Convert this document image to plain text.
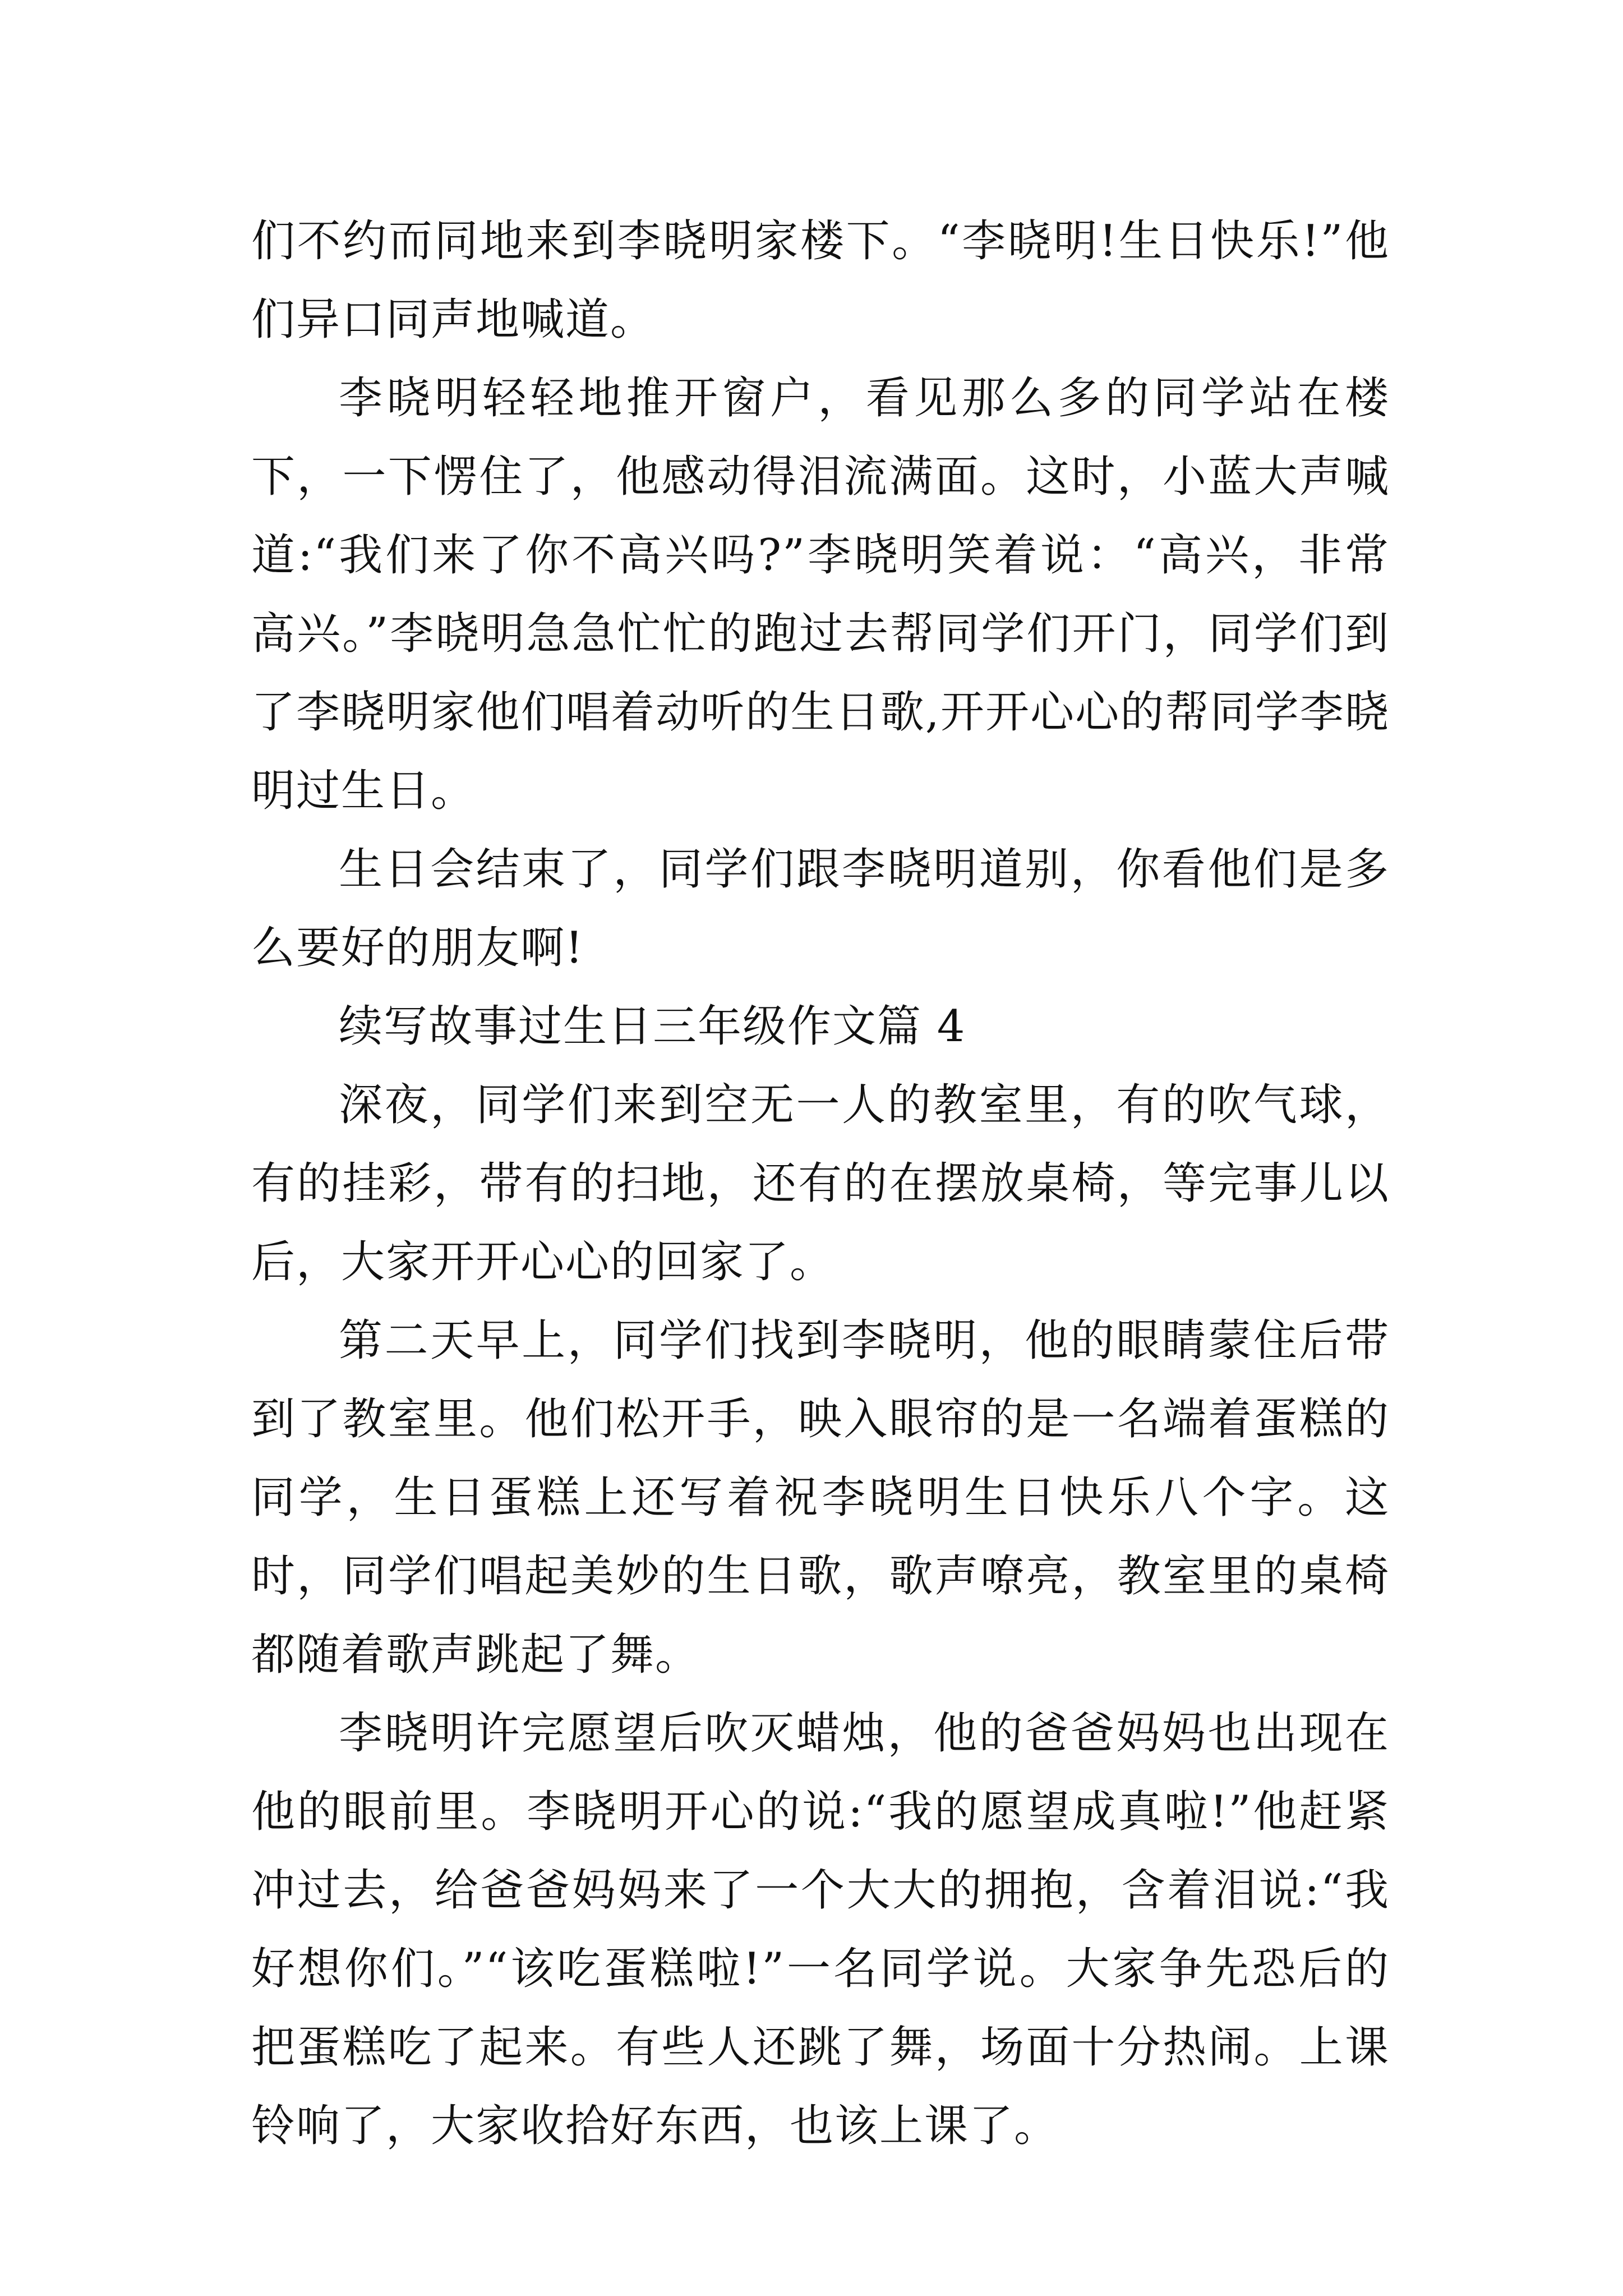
们不约而同地来到李晓明家楼下。“李晓明!生日快乐!”他们异口同声地喊道。

李晓明轻轻地推开窗户，看见那么多的同学站在楼下，一下愣住了，他感动得泪流满面。这时，小蓝大声喊道:“我们来了你不高兴吗?”李晓明笑着说：“高兴，非常高兴。”李晓明急急忙忙的跑过去帮同学们开门，同学们到了李晓明家他们唱着动听的生日歌,开开心心的帮同学李晓明过生日。

生日会结束了，同学们跟李晓明道别，你看他们是多么要好的朋友啊!

续写故事过生日三年级作文篇 4

深夜，同学们来到空无一人的教室里，有的吹气球，有的挂彩，带有的扫地，还有的在摆放桌椅，等完事儿以后，大家开开心心的回家了。

第二天早上，同学们找到李晓明，他的眼睛蒙住后带到了教室里。他们松开手，映入眼帘的是一名端着蛋糕的同学，生日蛋糕上还写着祝李晓明生日快乐八个字。这时，同学们唱起美妙的生日歌，歌声嘹亮，教室里的桌椅都随着歌声跳起了舞。

李晓明许完愿望后吹灭蜡烛，他的爸爸妈妈也出现在他的眼前里。李晓明开心的说:“我的愿望成真啦!”他赶紧冲过去，给爸爸妈妈来了一个大大的拥抱，含着泪说:“我好想你们。”“该吃蛋糕啦!”一名同学说。大家争先恐后的把蛋糕吃了起来。有些人还跳了舞，场面十分热闹。上课铃响了，大家收拾好东西，也该上课了。
